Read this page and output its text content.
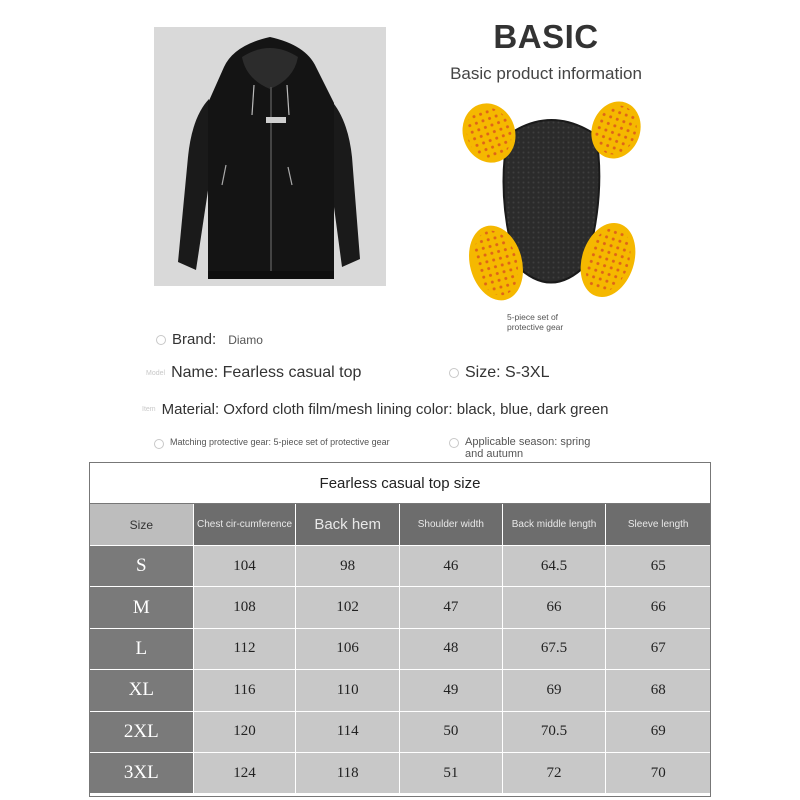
BASIC
Basic product information
5-piece set of protective gear
Brand: Diamo
Model Name: Fearless casual top	Size: S-3XL
Item Material: Oxford cloth film/mesh lining color: black, blue, dark green
Matching protective gear: 5-piece set of protective gear	Applicable season: spring and autumn
Fearless casual top size
Size	Chest cir-cumference	Back hem	Shoulder width	Back middle length	Sleeve length
S	104	98	46	64.5	65
M	108	102	47	66	66
L	112	106	48	67.5	67
XL	116	110	49	69	68
2XL	120	114	50	70.5	69
3XL	124	118	51	72	70
